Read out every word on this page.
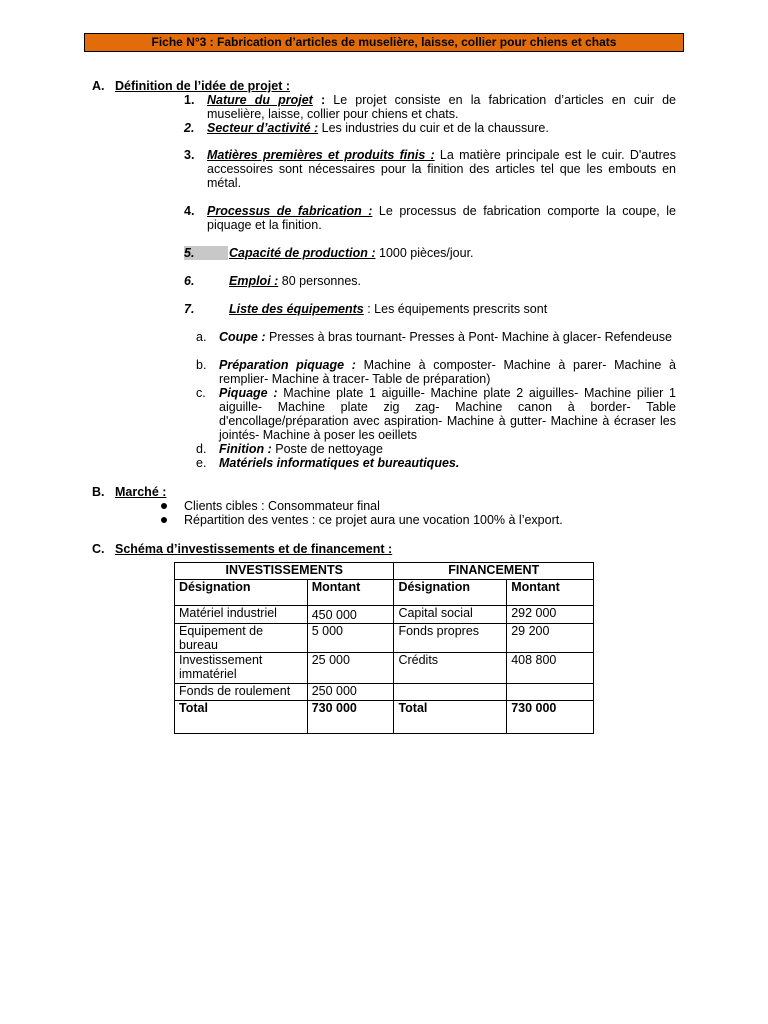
Fiche N°3 : Fabrication d’articles de muselière, laisse, collier pour chiens et chats
A. Définition de l’idée de projet :
1. Nature du projet : Le projet consiste en la fabrication d’articles en cuir de muselière, laisse, collier pour chiens et chats.
2. Secteur d’activité : Les industries du cuir et de la chaussure.
3. Matières premières et produits finis : La matière principale est le cuir. D'autres accessoires sont nécessaires pour la finition des articles tel que les embouts en métal.
4. Processus de fabrication : Le processus de fabrication comporte la coupe, le piquage et la finition.
5.	Capacité de production : 1000 pièces/jour.
6.	Emploi : 80 personnes.
7.	Liste des équipements : Les équipements prescrits sont
a. Coupe : Presses à bras tournant- Presses à Pont- Machine à glacer- Refendeuse
b. Préparation piquage : Machine à composter- Machine à parer- Machine à remplier- Machine à tracer- Table de préparation)
c. Piquage : Machine plate 1 aiguille- Machine plate 2 aiguilles- Machine pilier 1 aiguille- Machine plate zig zag- Machine canon à border- Table d'encollage/préparation avec aspiration- Machine à gutter- Machine à écraser les jointés- Machine à poser les oeillets
d. Finition : Poste de nettoyage
e. Matériels informatiques et bureautiques.
B. Marché :
Clients cibles : Consommateur final
Répartition des ventes : ce projet aura une vocation 100% à l’export.
C. Schéma d’investissements et de financement :
INVESTISSEMENTS		FINANCEMENT	
Désignation	Montant	Désignation	Montant
Matériel industriel	450 000	Capital social	292 000
Equipement de bureau	5 000	Fonds propres	29 200
Investissement immatériel	25 000	Crédits	408 800
Fonds de roulement	250 000		
Total	730 000	Total	730 000
